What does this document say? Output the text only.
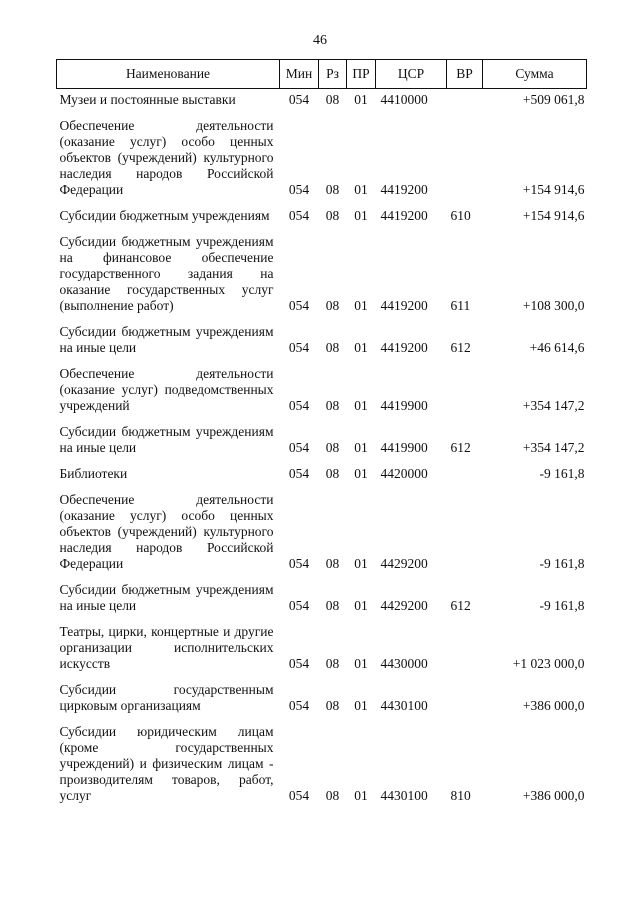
46
Наименование	Мин	Рз	ПР	ЦСР	ВР	Сумма
Музеи и постоянные выставки	054	08	01	4410000		+509 061,8
Обеспечение деятельности (оказание услуг) особо ценных объектов (учреждений) культурного наследия народов Российской Федерации	054	08	01	4419200		+154 914,6
Субсидии бюджетным учреждениям	054	08	01	4419200	610	+154 914,6
Субсидии бюджетным учреждениям на финансовое обеспечение государственного задания на оказание государственных услуг (выполнение работ)	054	08	01	4419200	611	+108 300,0
Субсидии бюджетным учреждениям на иные цели	054	08	01	4419200	612	+46 614,6
Обеспечение деятельности (оказание услуг) подведомственных учреждений	054	08	01	4419900		+354 147,2
Субсидии бюджетным учреждениям на иные цели	054	08	01	4419900	612	+354 147,2
Библиотеки	054	08	01	4420000		-9 161,8
Обеспечение деятельности (оказание услуг) особо ценных объектов (учреждений) культурного наследия народов Российской Федерации	054	08	01	4429200		-9 161,8
Субсидии бюджетным учреждениям на иные цели	054	08	01	4429200	612	-9 161,8
Театры, цирки, концертные и другие организации исполнительских искусств	054	08	01	4430000		+1 023 000,0
Субсидии государственным цирковым организациям	054	08	01	4430100		+386 000,0
Субсидии юридическим лицам (кроме государственных учреждений) и физическим лицам - производителям товаров, работ, услуг	054	08	01	4430100	810	+386 000,0
